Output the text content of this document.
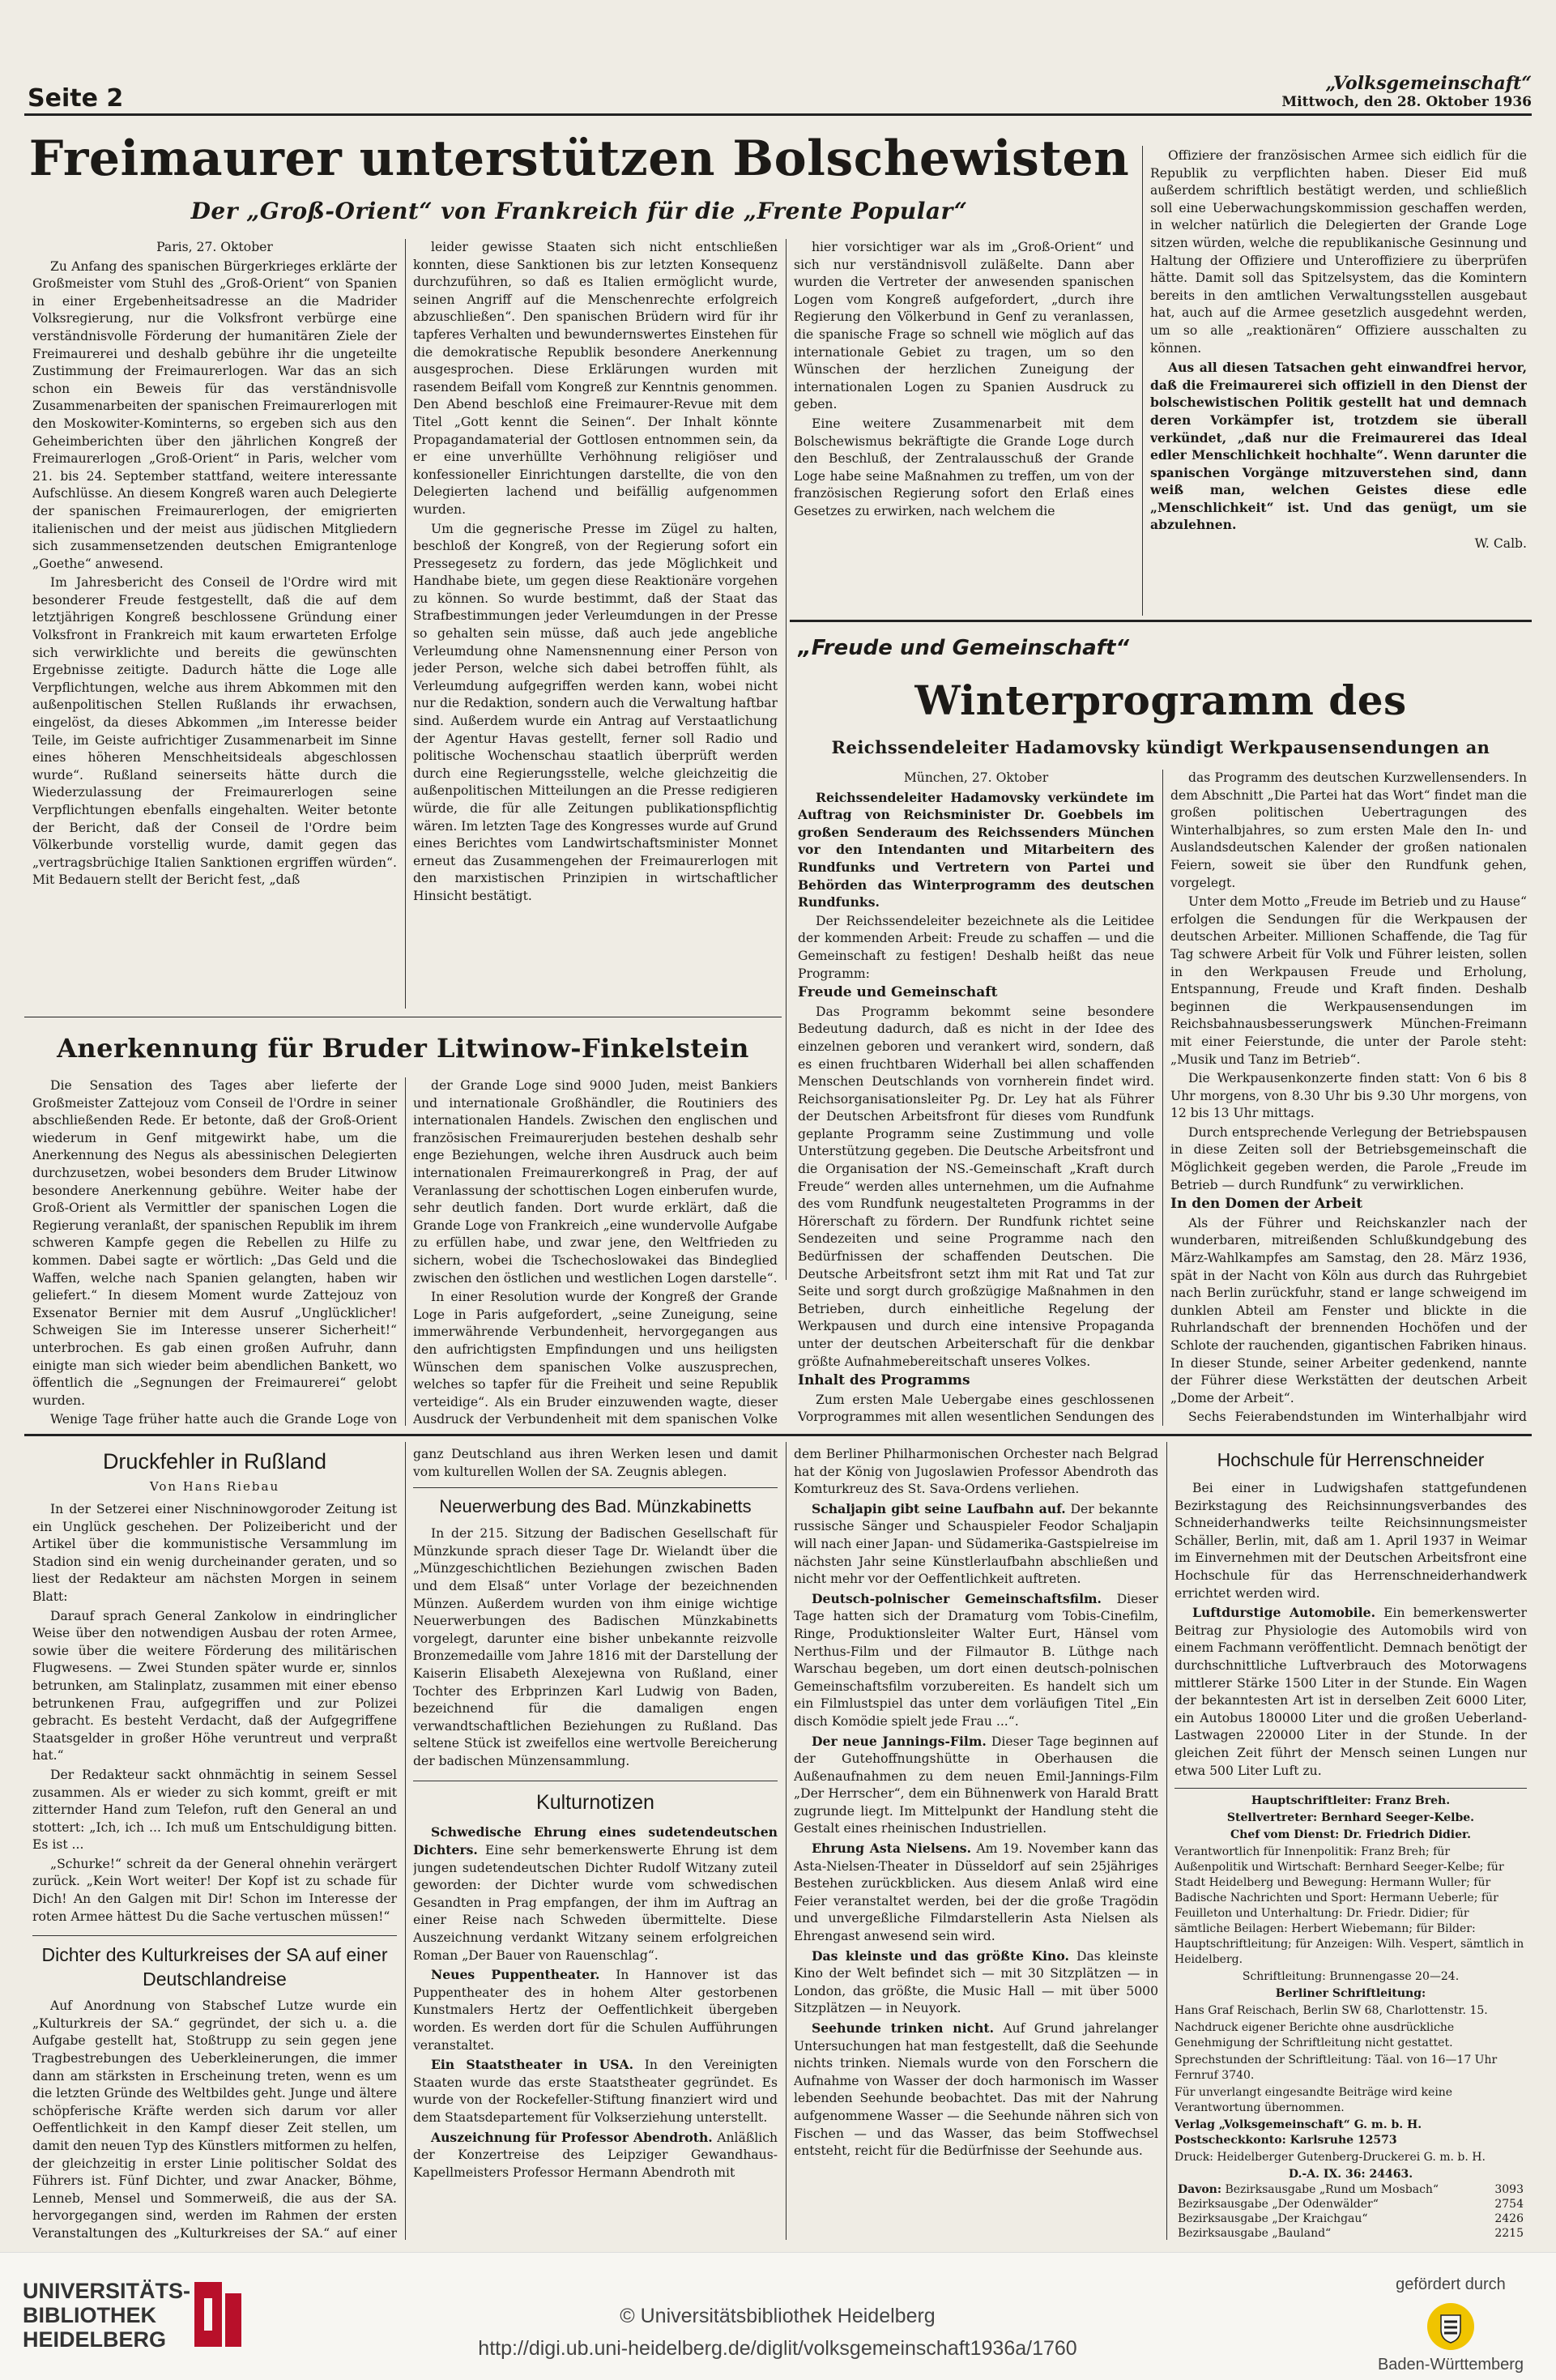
Seite 2
„Volksgemeinschaft“
Mittwoch, den 28. Oktober 1936
Freimaurer unterstützen Bolschewisten
Der „Groß-Orient“ von Frankreich für die „Frente Popular“

Paris, 27. Oktober

Zu Anfang des spanischen Bürgerkrieges erklärte der Großmeister vom Stuhl des „Groß-Orient“ von Spanien in einer Ergebenheitsadresse an die Madrider Volksregierung, nur die Volksfront verbürge eine verständnisvolle Förderung der humanitären Ziele der Freimaurerei und deshalb gebühre ihr die ungeteilte Zustimmung der Freimaurerlogen. War das an sich schon ein Beweis für das verständnisvolle Zusammenarbeiten der spanischen Freimaurerlogen mit den Moskowiter-Kominterns, so ergeben sich aus den Geheimberichten über den jährlichen Kongreß der Freimaurerlogen „Groß-Orient“ in Paris, welcher vom 21. bis 24. September stattfand, weitere interessante Aufschlüsse. An diesem Kongreß waren auch Delegierte der spanischen Freimaurerlogen, der emigrierten italienischen und der meist aus jüdischen Mitgliedern sich zusammensetzenden deutschen Emigrantenloge „Goethe“ anwesend.

Im Jahresbericht des Conseil de l'Ordre wird mit besonderer Freude festgestellt, daß die auf dem letztjährigen Kongreß beschlossene Gründung einer Volksfront in Frankreich mit kaum erwarteten Erfolge sich verwirklichte und bereits die gewünschten Ergebnisse zeitigte. Dadurch hätte die Loge alle Verpflichtungen, welche aus ihrem Abkommen mit den außenpolitischen Stellen Rußlands ihr erwachsen, eingelöst, da dieses Abkommen „im Interesse beider Teile, im Geiste aufrichtiger Zusammenarbeit im Sinne eines höheren Menschheitsideals abgeschlossen wurde“. Rußland seinerseits hätte durch die Wiederzulassung der Freimaurerlogen seine Verpflichtungen ebenfalls eingehalten. Weiter betonte der Bericht, daß der Conseil de l'Ordre beim Völkerbunde vorstellig wurde, damit gegen das „vertragsbrüchige Italien Sanktionen ergriffen würden“. Mit Bedauern stellt der Bericht fest, „daß

leider gewisse Staaten sich nicht entschließen konnten, diese Sanktionen bis zur letzten Konsequenz durchzuführen, so daß es Italien ermöglicht wurde, seinen Angriff auf die Menschenrechte erfolgreich abzuschließen“. Den spanischen Brüdern wird für ihr tapferes Verhalten und bewundernswertes Einstehen für die demokratische Republik besondere Anerkennung ausgesprochen. Diese Erklärungen wurden mit rasendem Beifall vom Kongreß zur Kenntnis genommen. Den Abend beschloß eine Freimaurer-Revue mit dem Titel „Gott kennt die Seinen“. Der Inhalt könnte Propagandamaterial der Gottlosen entnommen sein, da er eine unverhüllte Verhöhnung religiöser und konfessioneller Einrichtungen darstellte, die von den Delegierten lachend und beifällig aufgenommen wurden.

Um die gegnerische Presse im Zügel zu halten, beschloß der Kongreß, von der Regierung sofort ein Pressegesetz zu fordern, das jede Möglichkeit und Handhabe biete, um gegen diese Reaktionäre vorgehen zu können. So wurde bestimmt, daß der Staat das Strafbestimmungen jeder Verleumdungen in der Presse so gehalten sein müsse, daß auch jede angebliche Verleumdung ohne Namensnennung einer Person von jeder Person, welche sich dabei betroffen fühlt, als Verleumdung aufgegriffen werden kann, wobei nicht nur die Redaktion, sondern auch die Verwaltung haftbar sind. Außerdem wurde ein Antrag auf Verstaatlichung der Agentur Havas gestellt, ferner soll Radio und politische Wochenschau staatlich überprüft werden durch eine Regierungsstelle, welche gleichzeitig die außenpolitischen Mitteilungen an die Presse redigieren würde, die für alle Zeitungen publikationspflichtig wären. Im letzten Tage des Kongresses wurde auf Grund eines Berichtes vom Landwirtschaftsminister Monnet erneut das Zusammengehen der Freimaurerlogen mit den marxistischen Prinzipien in wirtschaftlicher Hinsicht bestätigt.

hier vorsichtiger war als im „Groß-Orient“ und sich nur verständnisvoll zuläßelte. Dann aber wurden die Vertreter der anwesenden spanischen Logen vom Kongreß aufgefordert, „durch ihre Regierung den Völkerbund in Genf zu veranlassen, die spanische Frage so schnell wie möglich auf das internationale Gebiet zu tragen, um so den Wünschen der herzlichen Zuneigung der internationalen Logen zu Spanien Ausdruck zu geben.

Eine weitere Zusammenarbeit mit dem Bolschewismus bekräftigte die Grande Loge durch den Beschluß, der Zentralausschuß der Grande Loge habe seine Maßnahmen zu treffen, um von der französischen Regierung sofort den Erlaß eines Gesetzes zu erwirken, nach welchem die

Offiziere der französischen Armee sich eidlich für die Republik zu verpflichten haben. Dieser Eid muß außerdem schriftlich bestätigt werden, und schließlich soll eine Ueberwachungskommission geschaffen werden, in welcher natürlich die Delegierten der Grande Loge sitzen würden, welche die republikanische Gesinnung und Haltung der Offiziere und Unteroffiziere zu überprüfen hätte. Damit soll das Spitzelsystem, das die Komintern bereits in den amtlichen Verwaltungsstellen ausgebaut hat, auch auf die Armee gesetzlich ausgedehnt werden, um so alle „reaktionären“ Offiziere ausschalten zu können.

Aus all diesen Tatsachen geht einwandfrei hervor, daß die Freimaurerei sich offiziell in den Dienst der bolschewistischen Politik gestellt hat und demnach deren Vorkämpfer ist, trotzdem sie überall verkündet, „daß nur die Freimaurerei das Ideal edler Menschlichkeit hochhalte“. Wenn darunter die spanischen Vorgänge mitzuverstehen sind, dann weiß man, welchen Geistes diese edle „Menschlichkeit“ ist. Und das genügt, um sie abzulehnen.

W. Calb.

Anerkennung für Bruder Litwinow-Finkelstein

Die Sensation des Tages aber lieferte der Großmeister Zattejouz vom Conseil de l'Ordre in seiner abschließenden Rede. Er betonte, daß der Groß-Orient wiederum in Genf mitgewirkt habe, um die Anerkennung des Negus als abessinischen Delegierten durchzusetzen, wobei besonders dem Bruder Litwinow besondere Anerkennung gebühre. Weiter habe der Groß-Orient als Vermittler der spanischen Logen die Regierung veranlaßt, der spanischen Republik im ihrem schweren Kampfe gegen die Rebellen zu Hilfe zu kommen. Dabei sagte er wörtlich: „Das Geld und die Waffen, welche nach Spanien gelangten, haben wir geliefert.“ In diesem Moment wurde Zattejouz von Exsenator Bernier mit dem Ausruf „Unglücklicher! Schweigen Sie im Interesse unserer Sicherheit!“ unterbrochen. Es gab einen großen Aufruhr, dann einigte man sich wieder beim abendlichen Bankett, wo öffentlich die „Segnungen der Freimaurerei“ gelobt wurden.

Wenige Tage früher hatte auch die Grande Loge von

der Grande Loge sind 9000 Juden, meist Bankiers und internationale Großhändler, die Routiniers des internationalen Handels. Zwischen den englischen und französischen Freimaurerjuden bestehen deshalb sehr enge Beziehungen, welche ihren Ausdruck auch beim internationalen Freimaurerkongreß in Prag, der auf Veranlassung der schottischen Logen einberufen wurde, sehr deutlich fanden. Dort wurde erklärt, daß die Grande Loge von Frankreich „eine wundervolle Aufgabe zu erfüllen habe, und zwar jene, den Weltfrieden zu sichern, wobei die Tschechoslowakei das Bindeglied zwischen den östlichen und westlichen Logen darstelle“.

In einer Resolution wurde der Kongreß der Grande Loge in Paris aufgefordert, „seine Zuneigung, seine immerwährende Verbundenheit, hervorgegangen aus den aufrichtigsten Empfindungen und uns heiligsten Wünschen dem spanischen Volke auszusprechen, welches so tapfer für die Freiheit und seine Republik verteidige“. Als ein Bruder einzuwenden wagte, dieser Ausdruck der Verbundenheit mit dem spanischen Volke

„Freude und Gemeinschaft“
Winterprogramm des
Reichssendeleiter Hadamovsky kündigt Werkpausensendungen an

München, 27. Oktober

Reichssendeleiter Hadamovsky verkündete im Auftrag von Reichsminister Dr. Goebbels im großen Senderaum des Reichssenders München vor den Intendanten und Mitarbeitern des Rundfunks und Vertretern von Partei und Behörden das Winterprogramm des deutschen Rundfunks.

Der Reichssendeleiter bezeichnete als die Leitidee der kommenden Arbeit: Freude zu schaffen — und die Gemeinschaft zu festigen! Deshalb heißt das neue Programm:

Freude und Gemeinschaft

Das Programm bekommt seine besondere Bedeutung dadurch, daß es nicht in der Idee des einzelnen geboren und verankert wird, sondern, daß es einen fruchtbaren Widerhall bei allen schaffenden Menschen Deutschlands von vornherein findet wird. Reichsorganisationsleiter Pg. Dr. Ley hat als Führer der Deutschen Arbeitsfront für dieses vom Rundfunk geplante Programm seine Zustimmung und volle Unterstützung gegeben. Die Deutsche Arbeitsfront und die Organisation der NS.-Gemeinschaft „Kraft durch Freude“ werden alles unternehmen, um die Aufnahme des vom Rundfunk neugestalteten Programms in der Hörerschaft zu fördern. Der Rundfunk richtet seine Sendezeiten und seine Programme nach den Bedürfnissen der schaffenden Deutschen. Die Deutsche Arbeitsfront setzt ihm mit Rat und Tat zur Seite und sorgt durch großzügige Maßnahmen in den Betrieben, durch einheitliche Regelung der Werkpausen und durch eine intensive Propaganda unter der deutschen Arbeiterschaft für die denkbar größte Aufnahmebereitschaft unseres Volkes.

Inhalt des Programms

Zum ersten Male Uebergabe eines geschlossenen Vorprogrammes mit allen wesentlichen Sendungen des

das Programm des deutschen Kurzwellensenders. In dem Abschnitt „Die Partei hat das Wort“ findet man die großen politischen Uebertragungen des Winterhalbjahres, so zum ersten Male den In- und Auslandsdeutschen Kalender der großen nationalen Feiern, soweit sie über den Rundfunk gehen, vorgelegt.

Unter dem Motto „Freude im Betrieb und zu Hause“ erfolgen die Sendungen für die Werkpausen der deutschen Arbeiter. Millionen Schaffende, die Tag für Tag schwere Arbeit für Volk und Führer leisten, sollen in den Werkpausen Freude und Erholung, Entspannung, Freude und Kraft finden. Deshalb beginnen die Werkpausensendungen im Reichsbahnausbesserungswerk München-Freimann mit einer Feierstunde, die unter der Parole steht: „Musik und Tanz im Betrieb“.

Die Werkpausenkonzerte finden statt: Von 6 bis 8 Uhr morgens, von 8.30 Uhr bis 9.30 Uhr morgens, von 12 bis 13 Uhr mittags.

Durch entsprechende Verlegung der Betriebspausen in diese Zeiten soll der Betriebsgemeinschaft die Möglichkeit gegeben werden, die Parole „Freude im Betrieb — durch Rundfunk“ zu verwirklichen.

In den Domen der Arbeit

Als der Führer und Reichskanzler nach der wunderbaren, mitreißenden Schlußkundgebung des März-Wahlkampfes am Samstag, den 28. März 1936, spät in der Nacht von Köln aus durch das Ruhrgebiet nach Berlin zurückfuhr, stand er lange schweigend im dunklen Abteil am Fenster und blickte in die Ruhrlandschaft der brennenden Hochöfen und der Schlote der rauchenden, gigantischen Fabriken hinaus. In dieser Stunde, seiner Arbeiter gedenkend, nannte der Führer diese Werkstätten der deutschen Arbeit „Dome der Arbeit“.

Sechs Feierabendstunden im Winterhalbjahr wird

Druckfehler in Rußland
Von Hans Riebau

In der Setzerei einer Nischninowgoroder Zeitung ist ein Unglück geschehen. Der Polizeibericht und der Artikel über die kommunistische Versammlung im Stadion sind ein wenig durcheinander geraten, und so liest der Redakteur am nächsten Morgen in seinem Blatt:

Darauf sprach General Zankolow in eindringlicher Weise über den notwendigen Ausbau der roten Armee, sowie über die weitere Förderung des militärischen Flugwesens. — Zwei Stunden später wurde er, sinnlos betrunken, am Stalinplatz, zusammen mit einer ebenso betrunkenen Frau, aufgegriffen und zur Polizei gebracht. Es besteht Verdacht, daß der Aufgegriffene Staatsgelder in großer Höhe veruntreut und verpraßt hat.“

Der Redakteur sackt ohnmächtig in seinem Sessel zusammen. Als er wieder zu sich kommt, greift er mit zitternder Hand zum Telefon, ruft den General an und stottert: „Ich, ich ... Ich muß um Entschuldigung bitten. Es ist ...

„Schurke!“ schreit da der General ohnehin verärgert zurück. „Kein Wort weiter! Der Kopf ist zu schade für Dich! An den Galgen mit Dir! Schon im Interesse der roten Armee hättest Du die Sache vertuschen müssen!“

Dichter des Kulturkreises der SA auf einer Deutschlandreise

Auf Anordnung von Stabschef Lutze wurde ein „Kulturkreis der SA.“ gegründet, der sich u. a. die Aufgabe gestellt hat, Stoßtrupp zu sein gegen jene Tragbestrebungen des Ueberkleinerungen, die immer dann am stärksten in Erscheinung treten, wenn es um die letzten Gründe des Weltbildes geht. Junge und ältere schöpferische Kräfte werden sich darum vor aller Oeffentlichkeit in den Kampf dieser Zeit stellen, um damit den neuen Typ des Künstlers mitformen zu helfen, der gleichzeitig in erster Linie politischer Soldat des Führers ist. Fünf Dichter, und zwar Anacker, Böhme, Lenneb, Mensel und Sommerweiß, die aus der SA. hervorgegangen sind, werden im Rahmen der ersten Veranstaltungen des „Kulturkreises der SA.“ auf einer

ganz Deutschland aus ihren Werken lesen und damit vom kulturellen Wollen der SA. Zeugnis ablegen.

Neuerwerbung des Bad. Münzkabinetts

In der 215. Sitzung der Badischen Gesellschaft für Münzkunde sprach dieser Tage Dr. Wielandt über die „Münzgeschichtlichen Beziehungen zwischen Baden und dem Elsaß“ unter Vorlage der bezeichnenden Münzen. Außerdem wurden von ihm einige wichtige Neuerwerbungen des Badischen Münzkabinetts vorgelegt, darunter eine bisher unbekannte reizvolle Bronzemedaille vom Jahre 1816 mit der Darstellung der Kaiserin Elisabeth Alexejewna von Rußland, einer Tochter des Erbprinzen Karl Ludwig von Baden, bezeichnend für die damaligen engen verwandtschaftlichen Beziehungen zu Rußland. Das seltene Stück ist zweifellos eine wertvolle Bereicherung der badischen Münzensammlung.

Kulturnotizen

Schwedische Ehrung eines sudetendeutschen Dichters. Eine sehr bemerkenswerte Ehrung ist dem jungen sudetendeutschen Dichter Rudolf Witzany zuteil geworden: der Dichter wurde vom schwedischen Gesandten in Prag empfangen, der ihm im Auftrag an einer Reise nach Schweden übermittelte. Diese Auszeichnung verdankt Witzany seinem erfolgreichen Roman „Der Bauer von Rauenschlag“.

Neues Puppentheater. In Hannover ist das Puppentheater des in hohem Alter gestorbenen Kunstmalers Hertz der Oeffentlichkeit übergeben worden. Es werden dort für die Schulen Aufführungen veranstaltet.

Ein Staatstheater in USA. In den Vereinigten Staaten wurde das erste Staatstheater gegründet. Es wurde von der Rockefeller-Stiftung finanziert wird und dem Staatsdepartement für Volkserziehung unterstellt.

Auszeichnung für Professor Abendroth. Anläßlich der Konzertreise des Leipziger Gewandhaus-Kapellmeisters Professor Hermann Abendroth mit

dem Berliner Philharmonischen Orchester nach Belgrad hat der König von Jugoslawien Professor Abendroth das Komturkreuz des St. Sava-Ordens verliehen.

Schaljapin gibt seine Laufbahn auf. Der bekannte russische Sänger und Schauspieler Feodor Schaljapin will nach einer Japan- und Südamerika-Gastspielreise im nächsten Jahr seine Künstlerlaufbahn abschließen und nicht mehr vor der Oeffentlichkeit auftreten.

Deutsch-polnischer Gemeinschaftsfilm. Dieser Tage hatten sich der Dramaturg vom Tobis-Cinefilm, Ringe, Produktionsleiter Walter Eurt, Hänsel vom Nerthus-Film und der Filmautor B. Lüthge nach Warschau begeben, um dort einen deutsch-polnischen Gemeinschaftsfilm vorzubereiten. Es handelt sich um ein Filmlustspiel das unter dem vorläufigen Titel „Ein disch Komödie spielt jede Frau ...“.

Der neue Jannings-Film. Dieser Tage beginnen auf der Gutehoffnungshütte in Oberhausen die Außenaufnahmen zu dem neuen Emil-Jannings-Film „Der Herrscher“, dem ein Bühnenwerk von Harald Bratt zugrunde liegt. Im Mittelpunkt der Handlung steht die Gestalt eines rheinischen Industriellen.

Ehrung Asta Nielsens. Am 19. November kann das Asta-Nielsen-Theater in Düsseldorf auf sein 25jähriges Bestehen zurückblicken. Aus diesem Anlaß wird eine Feier veranstaltet werden, bei der die große Tragödin und unvergeßliche Filmdarstellerin Asta Nielsen als Ehrengast anwesend sein wird.

Das kleinste und das größte Kino. Das kleinste Kino der Welt befindet sich — mit 30 Sitzplätzen — in London, das größte, die Music Hall — mit über 5000 Sitzplätzen — in Neuyork.

Seehunde trinken nicht. Auf Grund jahrelanger Untersuchungen hat man festgestellt, daß die Seehunde nichts trinken. Niemals wurde von den Forschern die Aufnahme von Wasser der doch harmonisch im Wasser lebenden Seehunde beobachtet. Das mit der Nahrung aufgenommene Wasser — die Seehunde nähren sich von Fischen — und das Wasser, das beim Stoffwechsel entsteht, reicht für die Bedürfnisse der Seehunde aus.

Hochschule für Herrenschneider

Bei einer in Ludwigshafen stattgefundenen Bezirkstagung des Reichsinnungsverbandes des Schneiderhandwerks teilte Reichsinnungsmeister Schäller, Berlin, mit, daß am 1. April 1937 in Weimar im Einvernehmen mit der Deutschen Arbeitsfront eine Hochschule für das Herrenschneiderhandwerk errichtet werden wird.

Luftdurstige Automobile. Ein bemerkenswerter Beitrag zur Physiologie des Automobils wird von einem Fachmann veröffentlicht. Demnach benötigt der durchschnittliche Luftverbrauch des Motorwagens mittlerer Stärke 1500 Liter in der Stunde. Ein Wagen der bekanntesten Art ist in derselben Zeit 6000 Liter, ein Autobus 180000 Liter und die großen Ueberland-Lastwagen 220000 Liter in der Stunde. In der gleichen Zeit führt der Mensch seinen Lungen nur etwa 500 Liter Luft zu.

Hauptschriftleiter: Franz Breh.

Stellvertreter: Bernhard Seeger-Kelbe.

Chef vom Dienst: Dr. Friedrich Didier.

Verantwortlich für Innenpolitik: Franz Breh; für Außenpolitik und Wirtschaft: Bernhard Seeger-Kelbe; für Stadt Heidelberg und Bewegung: Hermann Wuller; für Badische Nachrichten und Sport: Hermann Ueberle; für Feuilleton und Unterhaltung: Dr. Friedr. Didier; für sämtliche Beilagen: Herbert Wiebemann; für Bilder: Hauptschriftleitung; für Anzeigen: Wilh. Vespert, sämtlich in Heidelberg.

Schriftleitung: Brunnengasse 20—24.

Berliner Schriftleitung:

Hans Graf Reischach, Berlin SW 68, Charlottenstr. 15.

Nachdruck eigener Berichte ohne ausdrückliche Genehmigung der Schriftleitung nicht gestattet.

Sprechstunden der Schriftleitung: Täal. von 16—17 Uhr Fernruf 3740.

Für unverlangt eingesandte Beiträge wird keine Verantwortung übernommen.

Verlag „Volksgemeinschaft“ G. m. b. H. Postscheckkonto: Karlsruhe 12573

Druck: Heidelberger Gutenberg-Druckerei G. m. b. H.

D.-A. IX. 36: 24463.

Davon: Bezirksausgabe „Rund um Mosbach“	3093
Bezirksausgabe „Der Odenwälder“	2754
Bezirksausgabe „Der Kraichgau“	2426
Bezirksausgabe „Bauland“	2215

UNIVERSITÄTS-
BIBLIOTHEK
HEIDELBERG
© Universitätsbibliothek Heidelberg
http://digi.ub.uni-heidelberg.de/diglit/volksgemeinschaft1936a/1760
gefördert durch
Baden-Württemberg
